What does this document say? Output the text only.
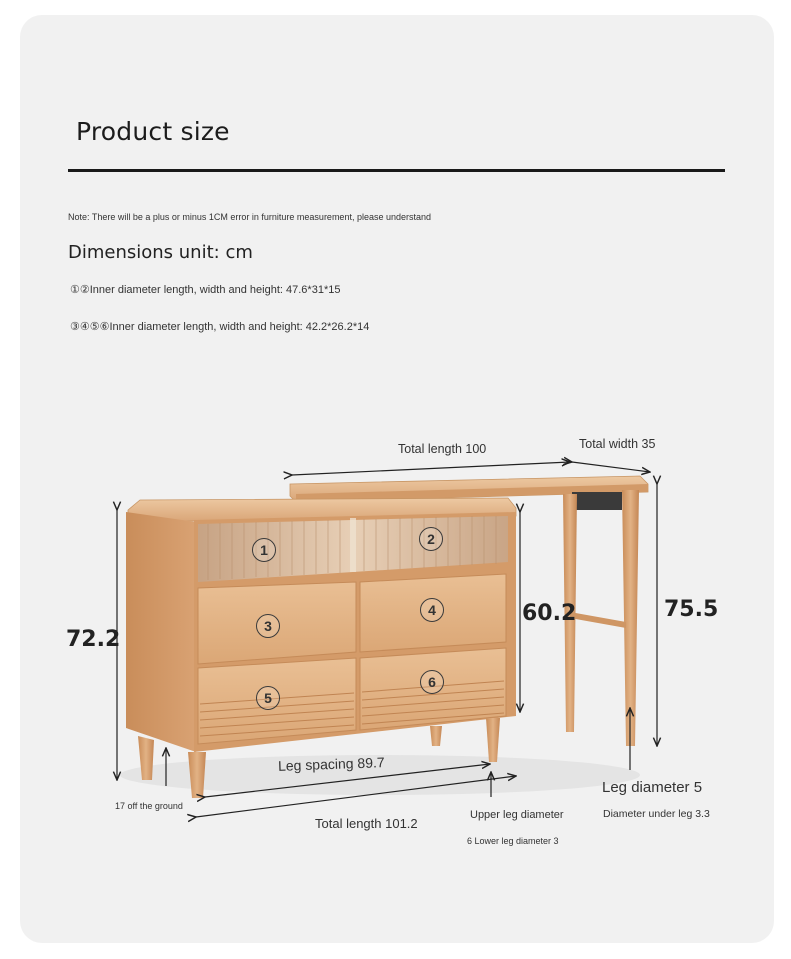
Product size
Note: There will be a plus or minus 1CM error in furniture measurement, please understand
Dimensions unit: cm
①②Inner diameter length, width and height: 47.6*31*15
③④⑤⑥Inner diameter length, width and height: 42.2*26.2*14
1
2
3
4
5
6
Total length 100	Total width 35
72.2
60.2	75.5
Leg spacing 89.7
Total length 101.2
17 off the ground
Upper leg diameter
6 Lower leg diameter 3
Leg diameter 5
Diameter under leg 3.3
